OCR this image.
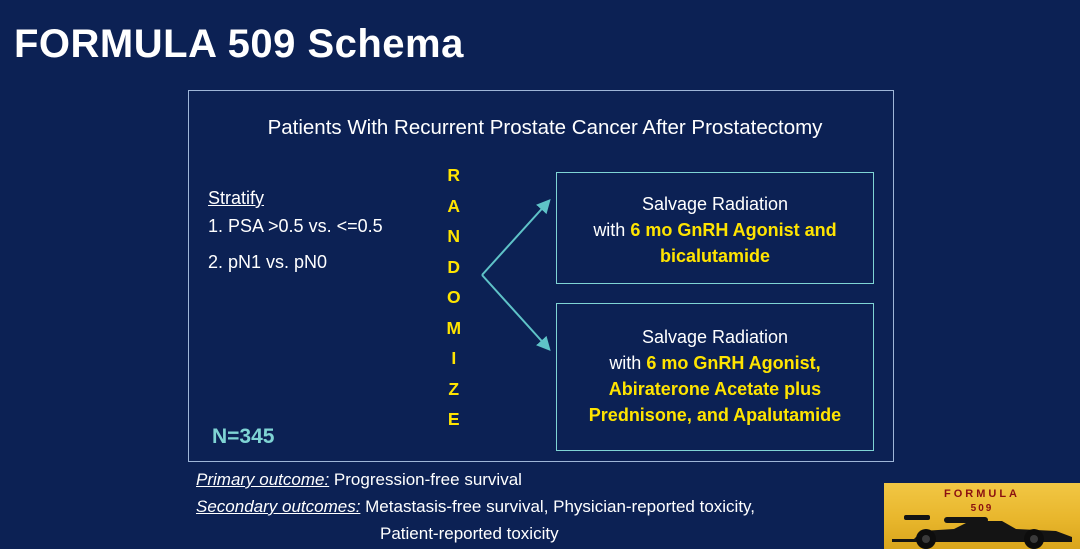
FORMULA 509 Schema
Patients With Recurrent Prostate Cancer After Prostatectomy
Stratify
1. PSA >0.5 vs. <=0.5
2. pN1 vs. pN0
N=345
R
A
N
D
O
M
I
Z
E
Salvage Radiation
with 6 mo GnRH Agonist and
bicalutamide
Salvage Radiation
with 6 mo GnRH Agonist,
Abiraterone Acetate plus
Prednisone, and Apalutamide
Primary outcome: Progression-free survival
Secondary outcomes: Metastasis-free survival, Physician-reported toxicity,
Patient-reported toxicity
FORMULA
509
